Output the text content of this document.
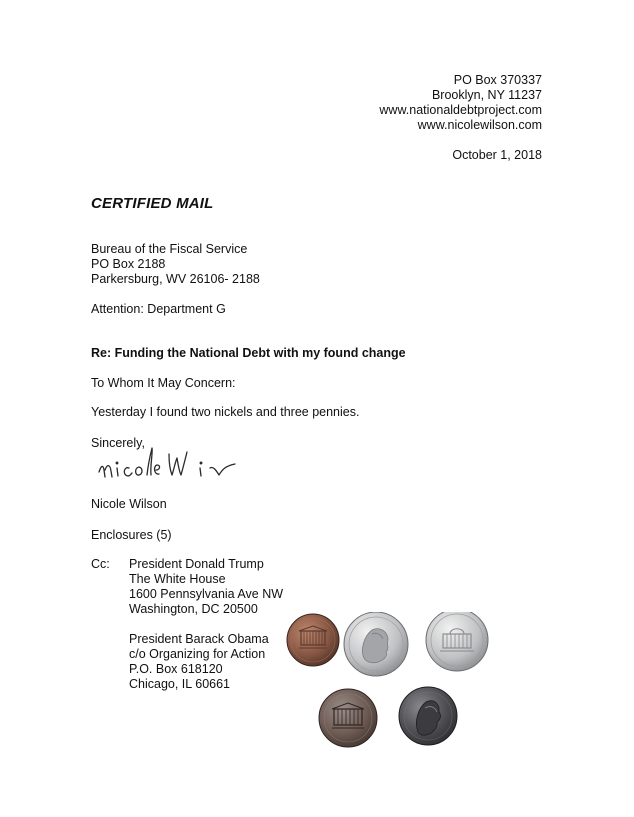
PO Box 370337
Brooklyn, NY 11237
www.nationaldebtproject.com
www.nicolewilson.com
October 1, 2018
CERTIFIED MAIL
Bureau of the Fiscal Service
PO Box 2188
Parkersburg, WV 26106- 2188
Attention: Department G
Re: Funding the National Debt with my found change
To Whom It May Concern:
Yesterday I found two nickels and three pennies.
Sincerely,
Nicole Wilson
Enclosures (5)
Cc: President Donald Trump
The White House
1600 Pennsylvania Ave NW
Washington, DC 20500
President Barack Obama
c/o Organizing for Action
P.O. Box 618120
Chicago, IL 60661
